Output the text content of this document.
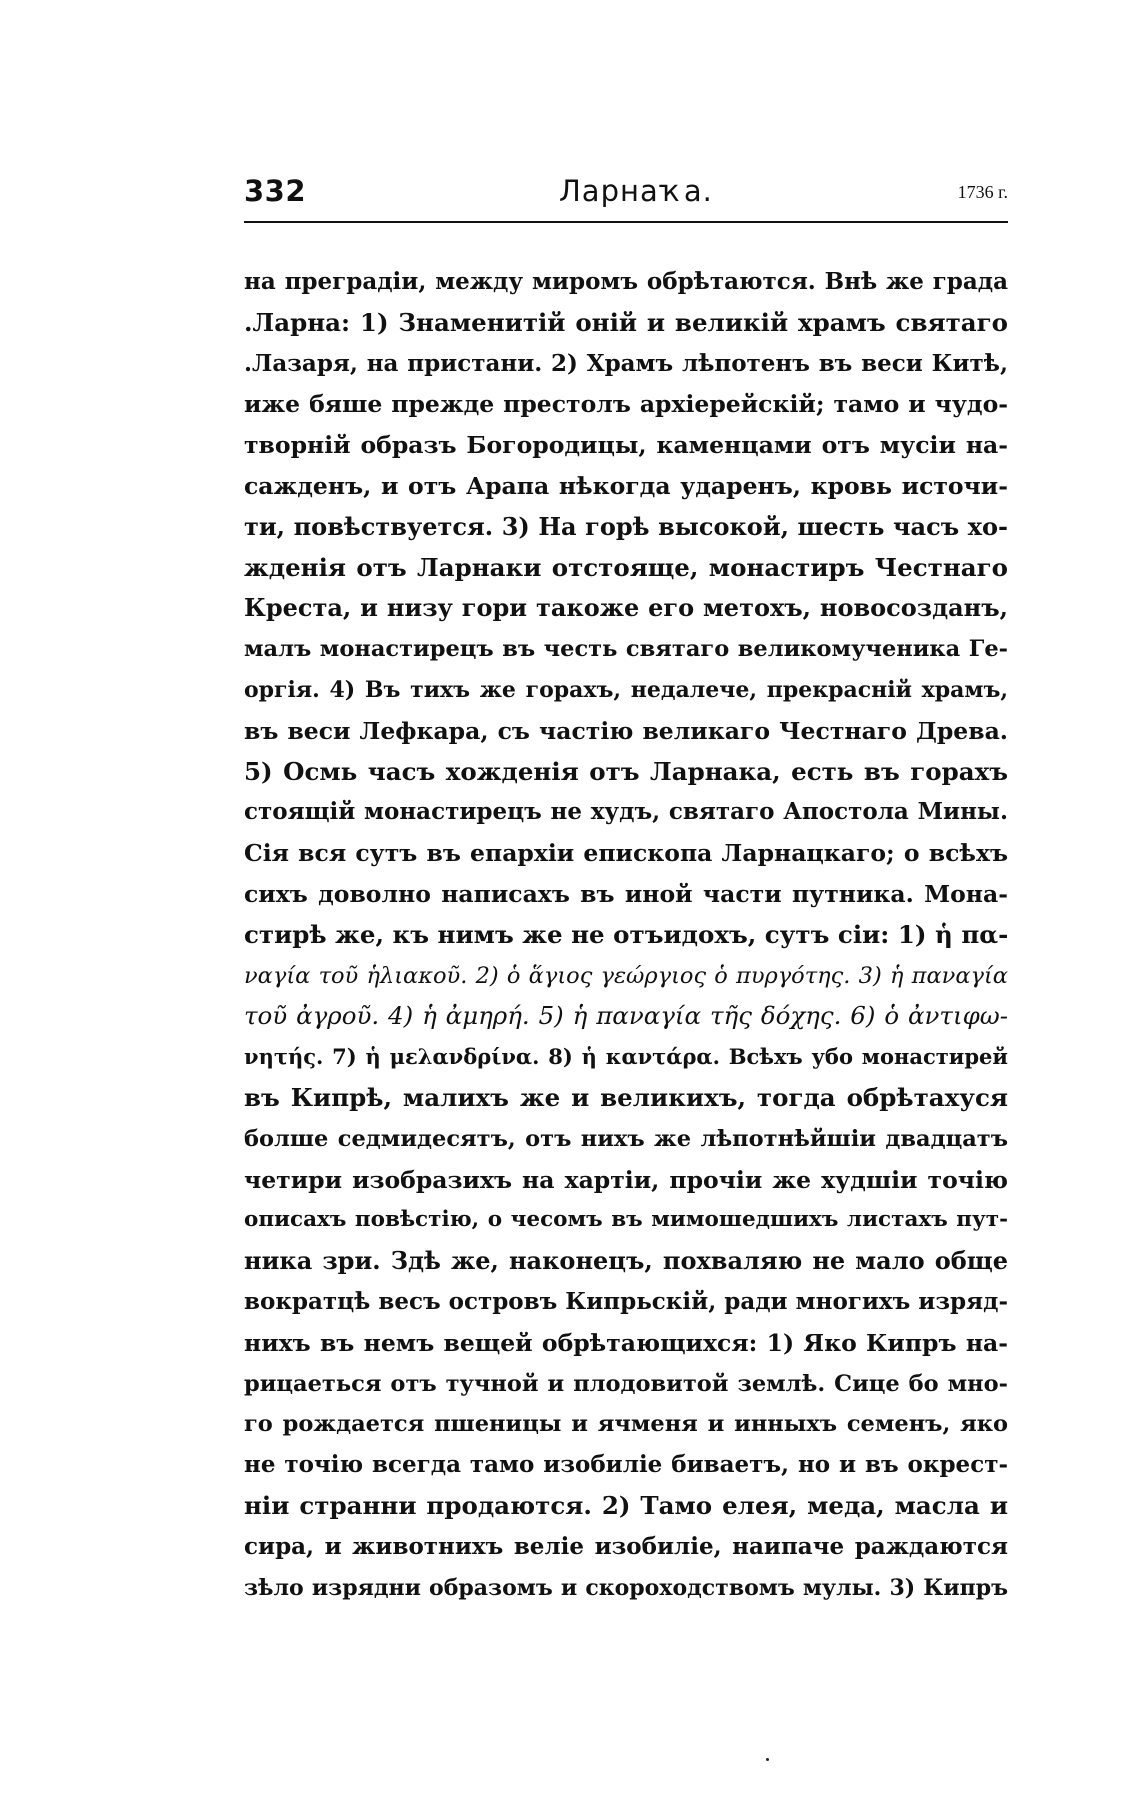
332	Ларнаҡа.	1736 г.
на преградіи, между миромъ обрѣтаются. Внѣ же града
.Ларна: 1) Знаменитій оній и великій храмъ святаго
.Лазаря, на пристани. 2) Храмъ лѣпотенъ въ веси Китѣ,
иже бяше прежде престолъ архіерейскій; тамо и чудо-
творній образъ Богородицы, каменцами отъ мусіи на-
сажденъ, и отъ Арапа нѣкогда ударенъ, кровь источи-
ти, повѣствуется. 3) На горѣ высокой, шесть часъ хо-
жденія отъ Ларнаки отстояще, монастиръ Честнаго
Креста, и низу гори такоже его метохъ, новосозданъ,
малъ монастирецъ въ честь святаго великомученика Ге-
оргія. 4) Въ тихъ же горахъ, недалече, прекрасній храмъ,
въ веси Лефкара, съ частію великаго Честнаго Древа.
5) Осмь часъ хожденія отъ Ларнака, есть въ горахъ
стоящій монастирецъ не худъ, святаго Апостола Мины.
Сія вся сутъ въ епархіи епископа Ларнацкаго; о всѣхъ
сихъ доволно написахъ въ иной части путника. Мона-
стирѣ же, къ нимъ же не отъидохъ, сутъ сіи: 1) ἡ πα-
ναγία τοῦ ἡλιακοῦ. 2) ὁ ἅγιος γεώργιος ὁ πυργότης. 3) ἡ παναγία
τοῦ ἀγροῦ. 4) ἡ ἀμηρή. 5) ἡ παναγία τῆς δόχης. 6) ὁ ἀντιφω-
νητής. 7) ἡ μελανδρίνα. 8) ἡ καντάρα. Всѣхъ убо монастирей
въ Кипрѣ, малихъ же и великихъ, тогда обрѣтахуся
болше седмидесятъ, отъ нихъ же лѣпотнѣйшіи двадцатъ
четири изобразихъ на хартіи, прочіи же худшіи точію
описахъ повѣстію, о чесомъ въ мимошедшихъ листахъ пут-
ника зри. Здѣ же, наконецъ, похваляю не мало обще
вократцѣ весъ островъ Кипрьскій, ради многихъ изряд-
нихъ въ немъ вещей обрѣтающихся: 1) Яко Кипръ на-
рицаеться отъ тучной и плодовитой землѣ. Сице бо мно-
го рождается пшеницы и ячменя и инныхъ семенъ, яко
не точію всегда тамо изобиліе биваетъ, но и въ окрест-
ніи странни продаются. 2) Тамо елея, меда, масла и
сира, и животнихъ веліе изобиліе, наипаче раждаются
зѣло изрядни образомъ и скороходствомъ мулы. 3) Кипръ
